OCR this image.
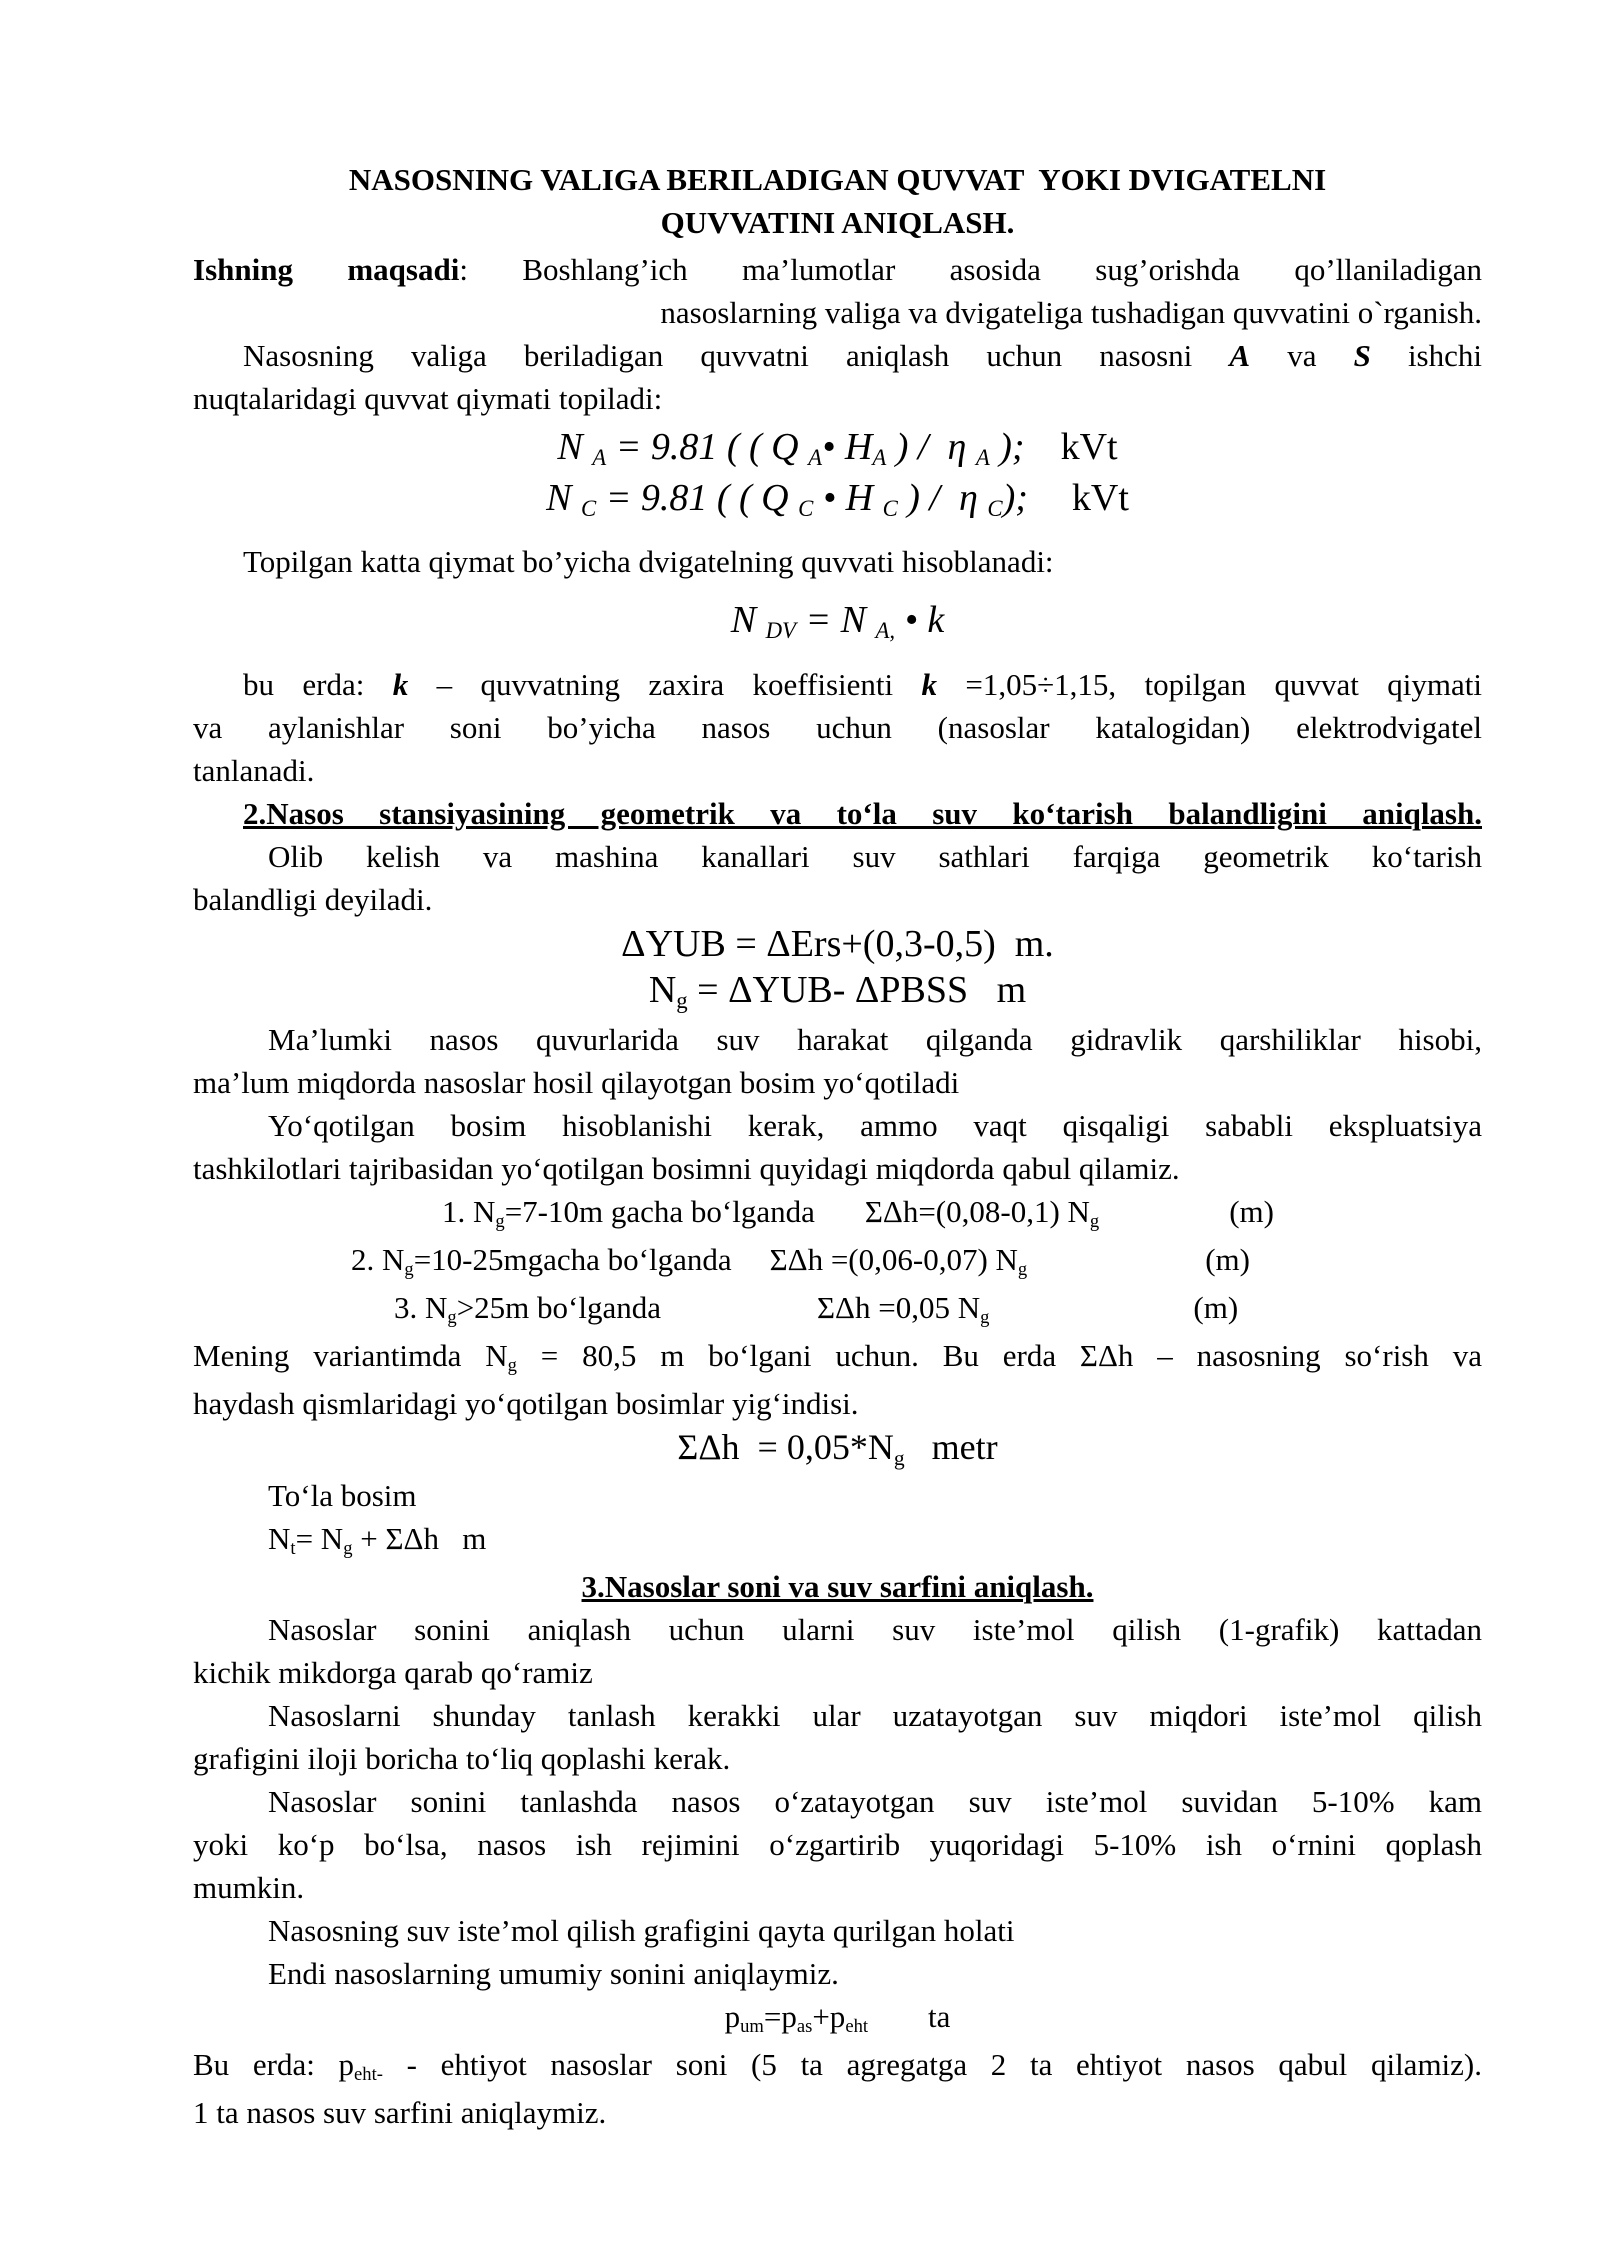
NASOSNING VALIGA BERILADIGAN QUVVAT  YOKI DVIGATELNI
QUVVATINI ANIQLASH.
Ishning maqsadi: Boshlang’ich ma’lumotlar asosida sug’orishda qo’llaniladigan
nasoslarning valiga va dvigateliga tushadigan quvvatini o`rganish.
Nasosning valiga beriladigan quvvatni aniqlash uchun nasosni A va S ishchi
nuqtalaridagi quvvat qiymati topiladi:
N A = 9.81 ( ( Q A• HA ) /  η A ); kVt
N C = 9.81 ( ( Q C • H C ) /  η C); kVt
Topilgan katta qiymat bo’yicha dvigatelning quvvati hisoblanadi:
N DV = N A, • k
bu erda: k – quvvatning zaxira koeffisienti k =1,05÷1,15, topilgan quvvat qiymati
va aylanishlar soni bo’yicha nasos uchun (nasoslar katalogidan) elektrodvigatel
tanlanadi.
2.Nasos stansiyasining geometrik va to‘la suv ko‘tarish balandligini aniqlash.
Olib kelish va mashina kanallari suv sathlari farqiga geometrik ko‘tarish
balandligi deyiladi.
ΔYUB = ΔErs+(0,3-0,5)  m.
Ng = ΔYUB- ΔPBSS   m
Ma’lumki nasos quvurlarida suv harakat qilganda gidravlik qarshiliklar hisobi,
ma’lum miqdorda nasoslar hosil qilayotgan bosim yo‘qotiladi
Yo‘qotilgan bosim hisoblanishi kerak, ammo vaqt qisqaligi sababli ekspluatsiya
tashkilotlari tajribasidan yo‘qotilgan bosimni quyidagi miqdorda qabul qilamiz.
1. Ng=7-10m gacha bo‘lganda ΣΔh=(0,08-0,1) Ng	(m)
2. Ng=10-25mgacha bo‘lganda ΣΔh =(0,06-0,07) Ng	(m)
3. Ng>25m bo‘lganda	ΣΔh =0,05 Ng	(m)
Mening variantimda Ng = 80,5 m bo‘lgani uchun. Bu erda ΣΔh – nasosning so‘rish va
haydash qismlaridagi yo‘qotilgan bosimlar yig‘indisi.
ΣΔh  = 0,05*Ng   metr
To‘la bosim
Nt= Ng + ΣΔh   m
3.Nasoslar soni va suv sarfini aniqlash.
Nasoslar sonini aniqlash uchun ularni suv iste’mol qilish (1-grafik) kattadan
kichik mikdorga qarab qo‘ramiz
Nasoslarni shunday tanlash kerakki ular uzatayotgan suv miqdori iste’mol qilish
grafigini iloji boricha to‘liq qoplashi kerak.
Nasoslar sonini tanlashda nasos o‘zatayotgan suv iste’mol suvidan 5-10% kam
yoki ko‘p bo‘lsa, nasos ish rejimini o‘zgartirib yuqoridagi 5-10% ish o‘rnini qoplash
mumkin.
Nasosning suv iste’mol qilish grafigini qayta qurilgan holati
Endi nasoslarning umumiy sonini aniqlaymiz.
pum=pas+peht ta
Bu erda: peht- - ehtiyot nasoslar soni (5 ta agregatga 2 ta ehtiyot nasos qabul qilamiz).
1 ta nasos suv sarfini aniqlaymiz.
